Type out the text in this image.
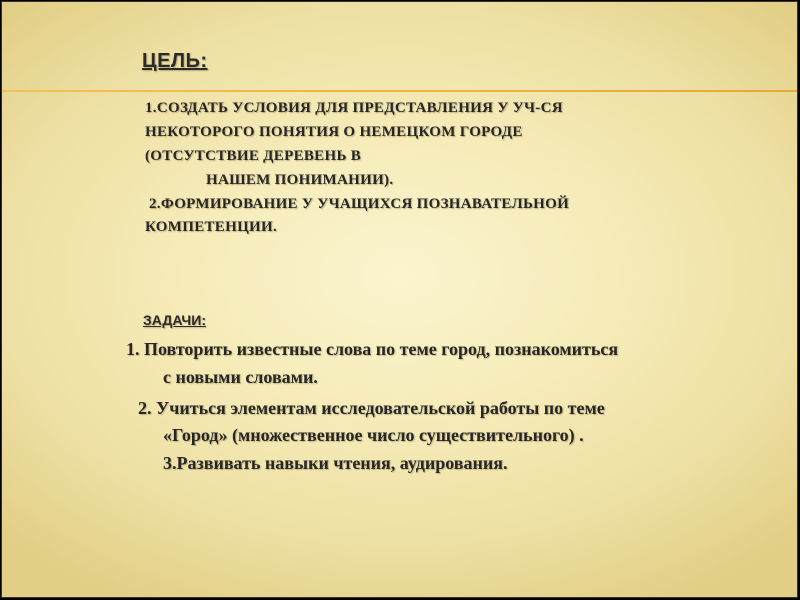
ЦЕЛЬ:
1.СОЗДАТЬ УСЛОВИЯ ДЛЯ ПРЕДСТАВЛЕНИЯ У УЧ-СЯ
НЕКОТОРОГО ПОНЯТИЯ О НЕМЕЦКОМ ГОРОДЕ
(ОТСУТСТВИЕ ДЕРЕВЕНЬ В
НАШЕМ ПОНИМАНИИ).
2.ФОРМИРОВАНИЕ У УЧАЩИХСЯ ПОЗНАВАТЕЛЬНОЙ
КОМПЕТЕНЦИИ.
ЗАДАЧИ:
1. Повторить известные слова по теме город, познакомиться
с новыми словами.
2. Учиться элементам исследовательской работы по теме
«Город» (множественное число существительного) .
3.Развивать навыки чтения, аудирования.
